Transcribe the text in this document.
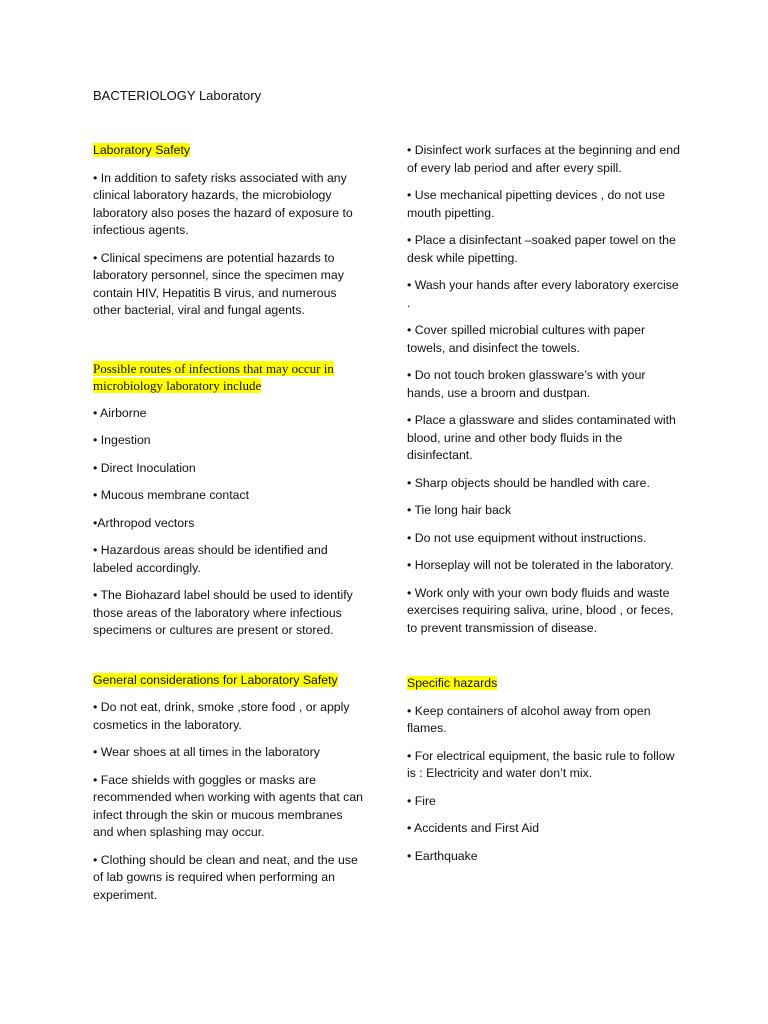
BACTERIOLOGY Laboratory
Laboratory Safety

• In addition to safety risks associated with any clinical laboratory hazards, the microbiology laboratory also poses the hazard of exposure to infectious agents.

• Clinical specimens are potential hazards to laboratory personnel, since the specimen may contain HIV, Hepatitis B virus, and numerous other bacterial, viral and fungal agents.

Possible routes of infections that may occur in microbiology laboratory include

• Airborne

• Ingestion

• Direct Inoculation

• Mucous membrane contact

•Arthropod vectors

• Hazardous areas should be identified and labeled accordingly.

• The Biohazard label should be used to identify those areas of the laboratory where infectious specimens or cultures are present or stored.

General considerations for Laboratory Safety

• Do not eat, drink, smoke ,store food , or apply cosmetics in the laboratory.

• Wear shoes at all times in the laboratory

• Face shields with goggles or masks are recommended when working with agents that can infect through the skin or mucous membranes and when splashing may occur.

• Clothing should be clean and neat, and the use of lab gowns is required when performing an experiment.

• Disinfect work surfaces at the beginning and end of every lab period and after every spill.

• Use mechanical pipetting devices , do not use mouth pipetting.

• Place a disinfectant –soaked paper towel on the desk while pipetting.

• Wash your hands after every laboratory exercise .

• Cover spilled microbial cultures with paper towels, and disinfect the towels.

• Do not touch broken glassware’s with your hands, use a broom and dustpan.

• Place a glassware and slides contaminated with blood, urine and other body fluids in the disinfectant.

• Sharp objects should be handled with care.

• Tie long hair back

• Do not use equipment without instructions.

• Horseplay will not be tolerated in the laboratory.

• Work only with your own body fluids and waste exercises requiring saliva, urine, blood , or feces, to prevent transmission of disease.

Specific hazards

• Keep containers of alcohol away from open flames.

• For electrical equipment, the basic rule to follow is : Electricity and water don’t mix.

• Fire

• Accidents and First Aid

• Earthquake
